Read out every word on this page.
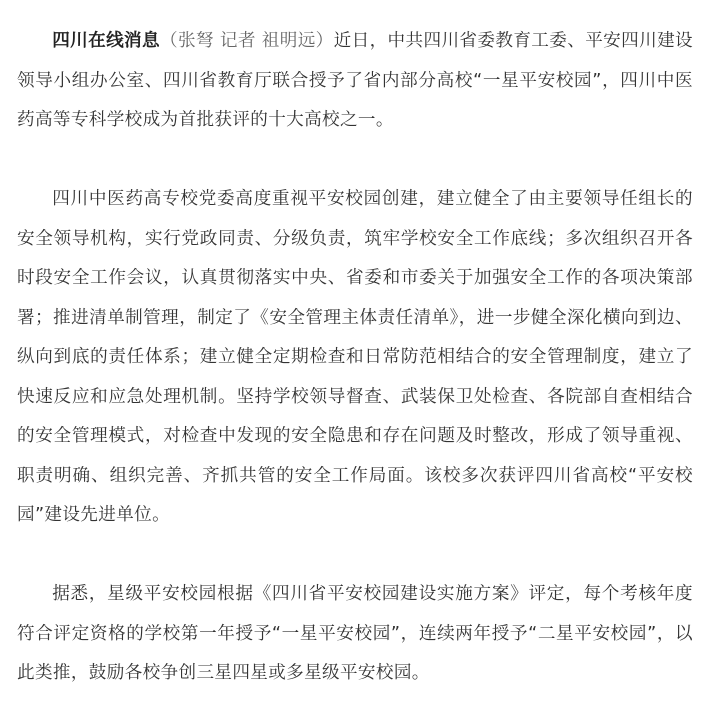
四川在线消息（张弩 记者 祖明远）近日，中共四川省委教育工委、平安四川建设领导小组办公室、四川省教育厅联合授予了省内部分高校“一星平安校园”，四川中医药高等专科学校成为首批获评的十大高校之一。

四川中医药高专校党委高度重视平安校园创建，建立健全了由主要领导任组长的安全领导机构，实行党政同责、分级负责，筑牢学校安全工作底线；多次组织召开各时段安全工作会议，认真贯彻落实中央、省委和市委关于加强安全工作的各项决策部署；推进清单制管理，制定了《安全管理主体责任清单》，进一步健全深化横向到边、纵向到底的责任体系；建立健全定期检查和日常防范相结合的安全管理制度，建立了快速反应和应急处理机制。坚持学校领导督查、武装保卫处检查、各院部自查相结合的安全管理模式，对检查中发现的安全隐患和存在问题及时整改，形成了领导重视、职责明确、组织完善、齐抓共管的安全工作局面。该校多次获评四川省高校“平安校园”建设先进单位。

据悉，星级平安校园根据《四川省平安校园建设实施方案》评定，每个考核年度符合评定资格的学校第一年授予“一星平安校园”，连续两年授予“二星平安校园”，以此类推，鼓励各校争创三星四星或多星级平安校园。
